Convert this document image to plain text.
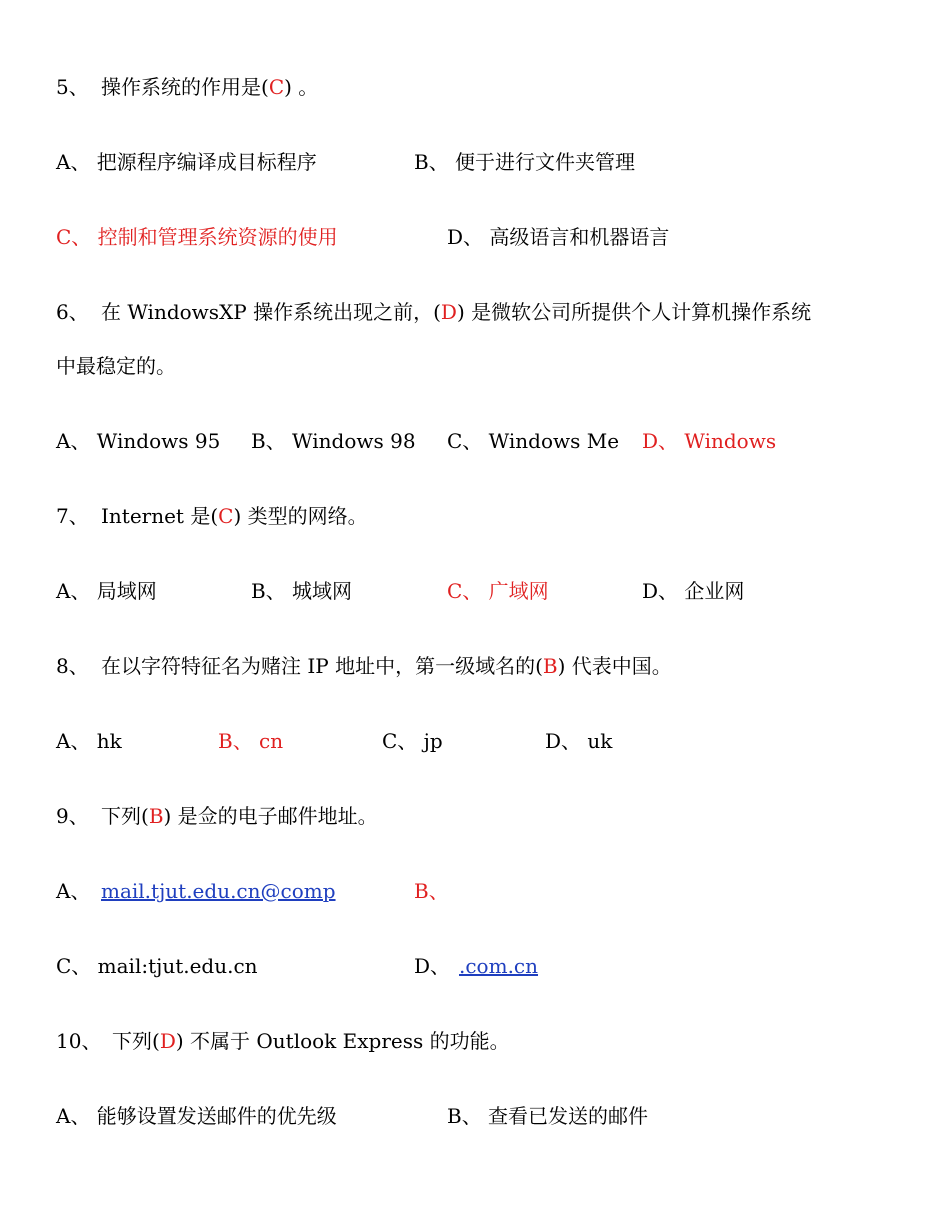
5、 操作系统的作用是(C) 。
A、 把源程序编译成目标程序	B、 便于进行文件夹管理
C、 控制和管理系统资源的使用	D、 高级语言和机器语言
6、 在 WindowsXP 操作系统出现之前，(D) 是微软公司所提供个人计算机操作系统
中最稳定的。
A、 Windows 95 B、 Windows 98 C、 Windows Me D、 Windows
7、 Internet 是(C) 类型的网络。
A、 局域网	B、 城域网	C、 广域网	D、 企业网
8、 在以字符特征名为赌注 IP 地址中，第一级域名的(B) 代表中国。
A、 hk	B、 cn	C、 jp	D、 uk
9、 下列(B) 是佥的电子邮件地址。
A、 mail.tjut.edu.cn@comp	B、
C、 mail:tjut.edu.cn	D、 .com.cn
10、 下列(D) 不属于 Outlook Express 的功能。
A、 能够设置发送邮件的优先级	B、 查看已发送的邮件
